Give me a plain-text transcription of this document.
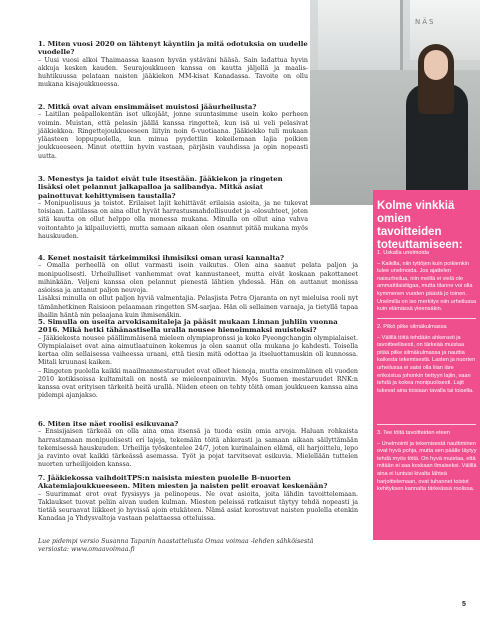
NÄS
1. Miten vuosi 2020 on lähtenyt käyntiin ja mitä odotuksia on uudelle vuodelle?
– Uusi vuosi alkoi Thaimaassa kaason hyvän ystäväni hääsä. Sain ladattua hyvin akkuja kesken kauden. Seurajoukkueen kanssa on kautta jäljellä ja maalis-huhtikuussa pelataan naisten jääkiekon MM-kisat Kanadassa. Tavoite on ollu mukana kisajoukkueessa.
2. Mitkä ovat aivan ensimmäiset muistosi jääurheilusta?
– Laitilan peäpallokentän isot ulkojäät, jonne suuntasimme usein koko perheen voimin. Muistan, että pelasin jäällä kanssa ringetteä, kun isä ui veli pelasivat jääkiekkoa. Ringettejoukkueeseen liityin noin 6-vuotiaana. Jääkiekko tuli mukaan yläasteen loppupuolella, kun minua pyydettiin kokeilemaan lajia poikien joukkueeseen. Minut otettiin hyvin vastaan, pärjäsin vauhdissa ja opin nopeasti uutta.
3. Menestys ja taidot eivät tule itsestään. Jääkiekon ja ringeten lisäksi olet pelannut jalkapalloa ja salibandya. Mitkä asiat painottuvat kehittymisen taustalla?
– Monipuolisuus ja toistot. Erilaiset lajit kehittävät erilaisia asioita, ja ne tukevat toisiaan. Laitilassa on aina ollut hyvät harrastusmahdollisuudet ja -olosuhteet, joten sitä kautta on ollut helppo olla monessa mukana. Minulla on ollut aina vahva voitontahto ja kilpailuvietti, mutta samaan aikaan olen osannut pitää mukana myös hauskuuden.
4. Kenet nostaisit tärkeimmiksi ihmisiksi oman urasi kannalta?
– Omalla perheellä on ollut varmasti isoin vaikutus. Olen aina saanut pelata paljon ja monipuolisesti. Urheilulliset vanhemmat ovat kannustaneet, mutta eivät koskaan pakottaneet mihinkään. Veljeni kanssa olen pelannut pienestä lähtien yhdessä. Hän on auttanut monissa asioissa ja antanut paljon neuvoja.
Lisäksi minulla on ollut paljon hyviä valmentajia. Pelasjista Petra Ojaranta on nyt mieluisa rooli nyt tämänhetkinen Raisioon pelaamaan ringetten SM-sarjaa. Hän oli sellainen varaaja, ja tietyllä tapaa ihailin häntä nin pelaajana kuin ihmisenäkin.
5. Simulla on useita arvokisamitaleja ja pääsit mukaan Linnan juhliin vuonna 2016. Mikä hetki tähänastisella uralla nousee hienoimmaksi muistoksi?
– Jääkiekosta nousee päällimmäisenä mieleen olympiapronssi ja koko Pyeongchangin olympialaiset. Olympialaiset ovat aina aimutlaatuinen kokemus ja olen saanut olla mukana jo kahdesti. Toisella kertaa olin sellaisessa vaiheessa uraani, että tiesin mitä odottaa ja itseluottamuskin oli kunnossa. Mitali kruunasi kaiken.
– Ringeten puolella kaikki maailmanmestaruudet ovat olleet hienoja, mutta ensimmäinen eli vuoden 2010 kotikisoissa kultamitali on nostä se mieleenpainuvin. Myös Suomen mestaruudet RNK:n kanssa ovat erityisen tärkeitä heitä urallä. Niiden eteen on tehty töitä oman joukkueen kanssa aina pidempi ajanjakso.
6. Miten itse näet roolisi esikuvana?
– Ensisijaisen tärkeää on olla aina oma itsensä ja tuoda esiin omia arvoja. Haluan rohkaista harrastamaan monipuolisesti eri lajeja, tekemään töitä ahkerasti ja samaan aikaan säilyttämään tekemisessä hauskuuden. Urheilija työskentelee 24/7, joten kurinalainen elämä, eli harjoittelu, lepo ja ravinto ovat kaikki tärkeässä asemassa. Työt ja pojat tarvitsevat esikuvia. Mielellään tuttelen nuorten urheilijoiden kanssa.
7. Jääkiekossa vaihdoitTPS:n naisista miesten puolelle B-nuorten Akatemiajoukkueeseen. Miten miesten ja naisten pelit eroavat keskenään?
– Suurimmat erot ovat fyysisyys ja pelinopeus. Ne ovat asioita, joita lähdin tavoittelemaan. Taklaukset tuovat peliin aivan uuden kulman. Miesten peleissä ratkaisut täytyy tehdä nopeasti ja tietää seuraavat liikkeet jo hyvissä ajoin etukäteen. Nämä asiat korostuvat naisten puolella etenkin Kanadaa ja Yhdysvaltoja vastaan pelattaessa otteluissa.
Lue pidempi versio Susanna Tapanin haastattelusta Omaa voimaa -lehden sähköisestä versiosta: www.omaavoimaa.fi
Kolme vinkkiä omien tavoitteiden toteuttamiseen:
1. Uskalla unelmoida
– Kaikilla, niin tyttöjen kuin poikienkin tulee unelmoida. Jos ajattelen naisurheilua, niin meillä ei vielä ole ammattilaisliigaa, mutta tilanne voi olla kymmenen vuoden päästä jo toinen. Unelmilla on iso merkitys niin urheilussa kuin elämässä yleensäkin.
2. Pilkö pilke silmäkulmassa
– Välillä töitä tehdään ahkerasti ja tavoitteellisesti, on tärkeää muistaa pitää pilke silmäkulmassa ja nauttia kaikesta tekemisestä. Lasten ja nuorten urheilussa ei saisi olla liian iäre erikoistua johonkin tiettyyn lajiin, vaan tehdä ja kokea monipuolisesti. Lajit tukevat aina toisiaan tavalla tai toisella.
3. Tee töitä tavoitteiden eteen
– Unelmointi ja tekemisestä nauttiminen ovat hyvä pohja, mutta sen päälle täytyy tehdä myös töitä. On hyvä muistaa, että mitään ei saa koskaan ilmaiseksi. Välillä aina ei tuntuisi kivalta lähteä harjoittelemaan, ovat tuhannet toistot kehityksen kannalta tärkeässä roolissa.
5
